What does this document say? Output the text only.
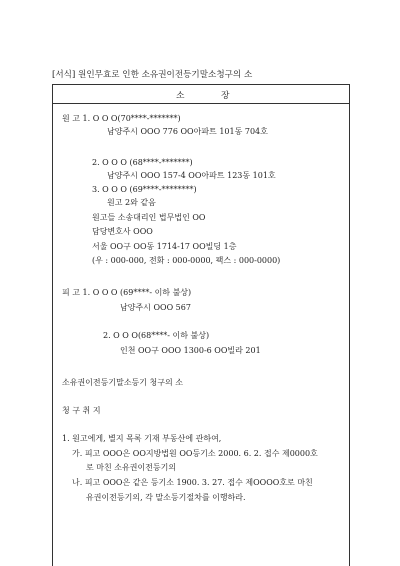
[서식] 원인무효로 인한 소유권이전등기말소청구의 소
소	장
원 고 1. O O O(70****-*******)
남양주시 OOO 776 OO아파트 101동 704호
2. O O O (68****-*******)
남양주시 OOO 157-4 OO아파트 123동 101호
3. O O O (69****-********)
원고 2와 같음
원고들 소송대리인 법무법인 OO
담당변호사 OOO
서울 OO구 OO동 1714-17 OO빌딩 1층
(우 : 000-000, 전화 : 000-0000, 팩스 : 000-0000)
피 고 1. O O O (69****- 이하 불상)
남양주시 OOO 567
2. O O O(68****- 이하 불상)
인천 OO구 OOO 1300-6 OO빌라 201
소유권이전등기말소등기 청구의 소
청 구 취 지
1. 원고에게, 별지 목록 기재 부동산에 관하여,
가. 피고 OOO은 OO지방법원 OO등기소 2000. 6. 2. 접수 제0000호
로 마친 소유권이전등기의
나. 피고 OOO은 같은 등기소 1900. 3. 27. 접수 제OOOO호로 마친
유권이전등기의, 각 말소등기절차를 이행하라.
